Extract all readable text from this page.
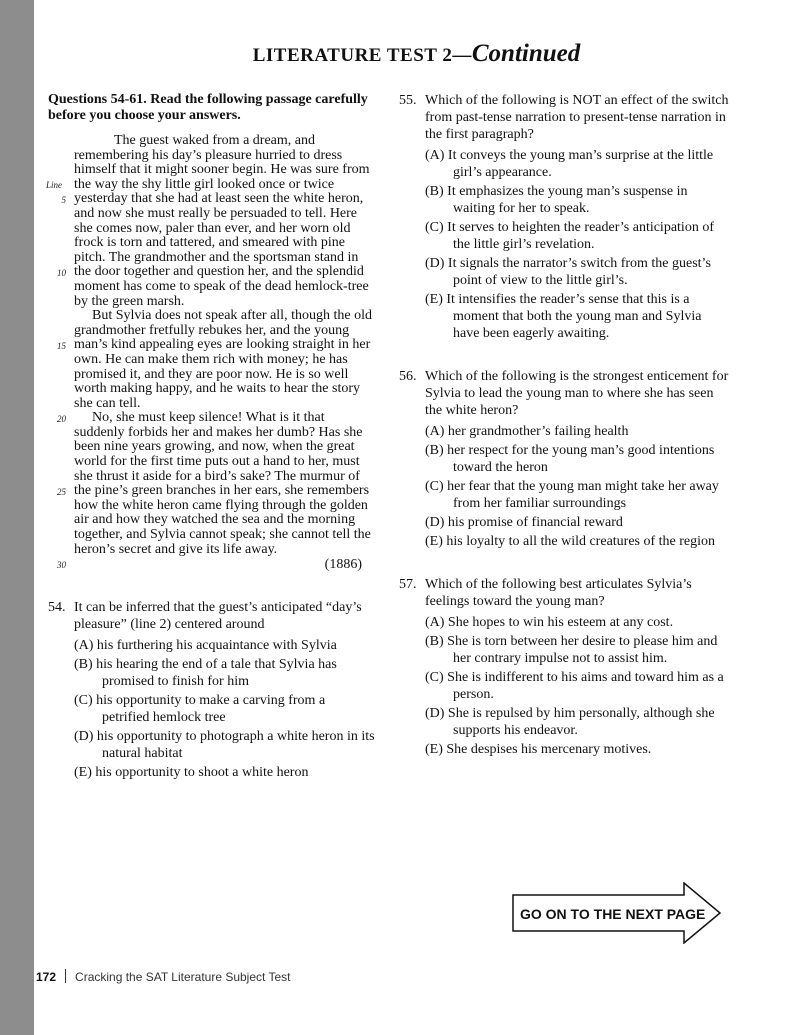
LITERATURE TEST 2—Continued

Questions 54-61. Read the following passage carefully before you choose your answers.

Line
5
10
15
20
25
30

The guest waked from a dream, and remembering his day’s pleasure hurried to dress himself that it might sooner begin. He was sure from the way the shy little girl looked once or twice yesterday that she had at least seen the white heron, and now she must really be persuaded to tell. Here she comes now, paler than ever, and her worn old frock is torn and tattered, and smeared with pine pitch. The grandmother and the sportsman stand in the door together and question her, and the splendid moment has come to speak of the dead hemlock-tree by the green marsh.

But Sylvia does not speak after all, though the old grandmother fretfully rebukes her, and the young man’s kind appealing eyes are looking straight in her own. He can make them rich with money; he has promised it, and they are poor now. He is so well worth making happy, and he waits to hear the story she can tell.

No, she must keep silence! What is it that suddenly forbids her and makes her dumb? Has she been nine years growing, and now, when the great world for the first time puts out a hand to her, must she thrust it aside for a bird’s sake? The murmur of the pine’s green branches in her ears, she remembers how the white heron came flying through the golden air and how they watched the sea and the morning together, and Sylvia cannot speak; she cannot tell the heron’s secret and give its life away.

(1886)
54. It can be inferred that the guest’s anticipated “day’s pleasure” (line 2) centered around
(A) his furthering his acquaintance with Sylvia
(B) his hearing the end of a tale that Sylvia has promised to finish for him
(C) his opportunity to make a carving from a petrified hemlock tree
(D) his opportunity to photograph a white heron in its natural habitat
(E) his opportunity to shoot a white heron
55. Which of the following is NOT an effect of the switch from past-tense narration to present-tense narration in the first paragraph?
(A) It conveys the young man’s surprise at the little girl’s appearance.
(B) It emphasizes the young man’s suspense in waiting for her to speak.
(C) It serves to heighten the reader’s anticipation of the little girl’s revelation.
(D) It signals the narrator’s switch from the guest’s point of view to the little girl’s.
(E) It intensifies the reader’s sense that this is a moment that both the young man and Sylvia have been eagerly awaiting.
56. Which of the following is the strongest enticement for Sylvia to lead the young man to where she has seen the white heron?
(A) her grandmother’s failing health
(B) her respect for the young man’s good intentions toward the heron
(C) her fear that the young man might take her away from her familiar surroundings
(D) his promise of financial reward
(E) his loyalty to all the wild creatures of the region
57. Which of the following best articulates Sylvia’s feelings toward the young man?
(A) She hopes to win his esteem at any cost.
(B) She is torn between her desire to please him and her contrary impulse not to assist him.
(C) She is indifferent to his aims and toward him as a person.
(D) She is repulsed by him personally, although she supports his endeavor.
(E) She despises his mercenary motives.
GO ON TO THE NEXT PAGE
172 Cracking the SAT Literature Subject Test
